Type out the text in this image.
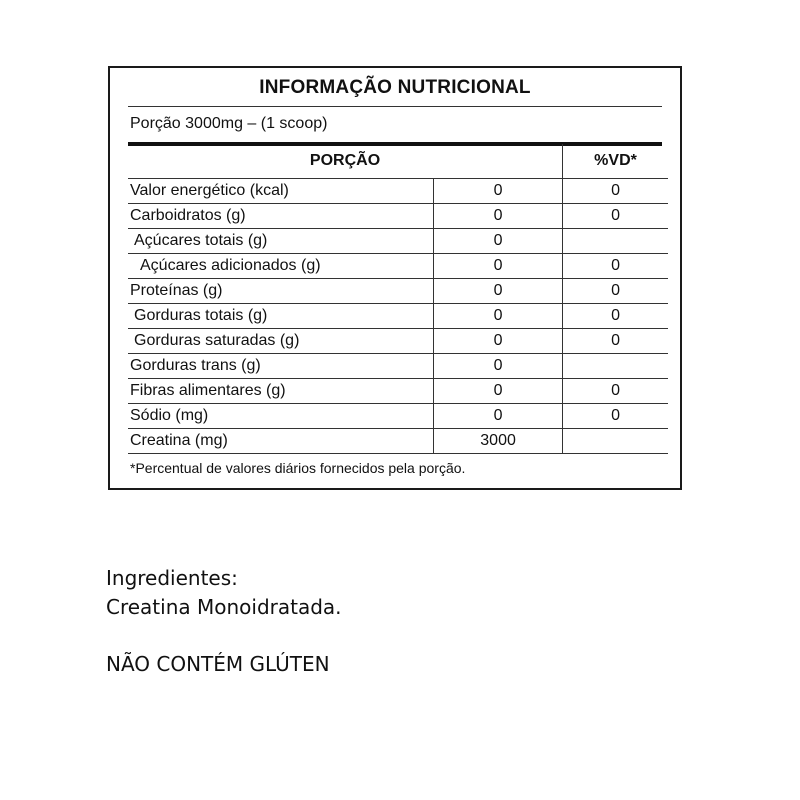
INFORMAÇÃO NUTRICIONAL
Porção 3000mg – (1 scoop)
PORÇÃO		%VD*
Valor energético (kcal)	0	0
Carboidratos (g)	0	0
Açúcares totais (g)	0	
Açúcares adicionados (g)	0	0
Proteínas (g)	0	0
Gorduras totais (g)	0	0
Gorduras saturadas (g)	0	0
Gorduras trans (g)	0	
Fibras alimentares (g)	0	0
Sódio (mg)	0	0
Creatina (mg)	3000	
*Percentual de valores diários fornecidos pela porção.
Ingredientes:
Creatina Monoidratada.
NÃO CONTÉM GLÚTEN
